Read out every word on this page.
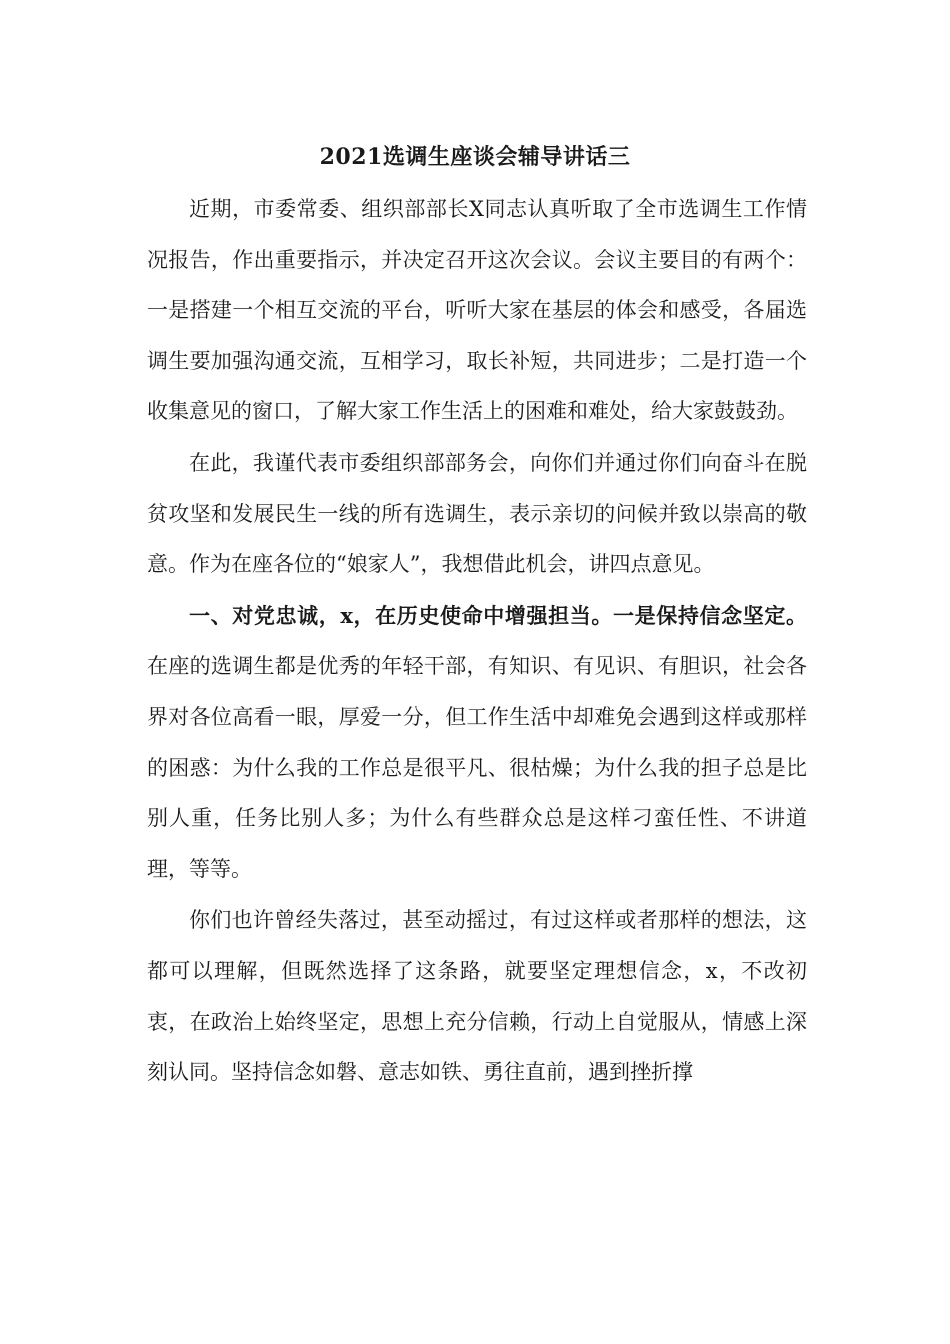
2021选调生座谈会辅导讲话三

近期，市委常委、组织部部长X同志认真听取了全市选调生工作情况报告，作出重要指示，并决定召开这次会议。会议主要目的有两个：一是搭建一个相互交流的平台，听听大家在基层的体会和感受，各届选调生要加强沟通交流，互相学习，取长补短，共同进步；二是打造一个收集意见的窗口，了解大家工作生活上的困难和难处，给大家鼓鼓劲。

在此，我谨代表市委组织部部务会，向你们并通过你们向奋斗在脱贫攻坚和发展民生一线的所有选调生，表示亲切的问候并致以崇高的敬意。作为在座各位的“娘家人”，我想借此机会，讲四点意见。

一、对党忠诚，x，在历史使命中增强担当。一是保持信念坚定。在座的选调生都是优秀的年轻干部，有知识、有见识、有胆识，社会各界对各位高看一眼，厚爱一分，但工作生活中却难免会遇到这样或那样的困惑：为什么我的工作总是很平凡、很枯燥；为什么我的担子总是比别人重，任务比别人多；为什么有些群众总是这样刁蛮任性、不讲道理，等等。

你们也许曾经失落过，甚至动摇过，有过这样或者那样的想法，这都可以理解，但既然选择了这条路，就要坚定理想信念，x，不改初衷，在政治上始终坚定，思想上充分信赖，行动上自觉服从，情感上深刻认同。坚持信念如磐、意志如铁、勇往直前，遇到挫折撑
